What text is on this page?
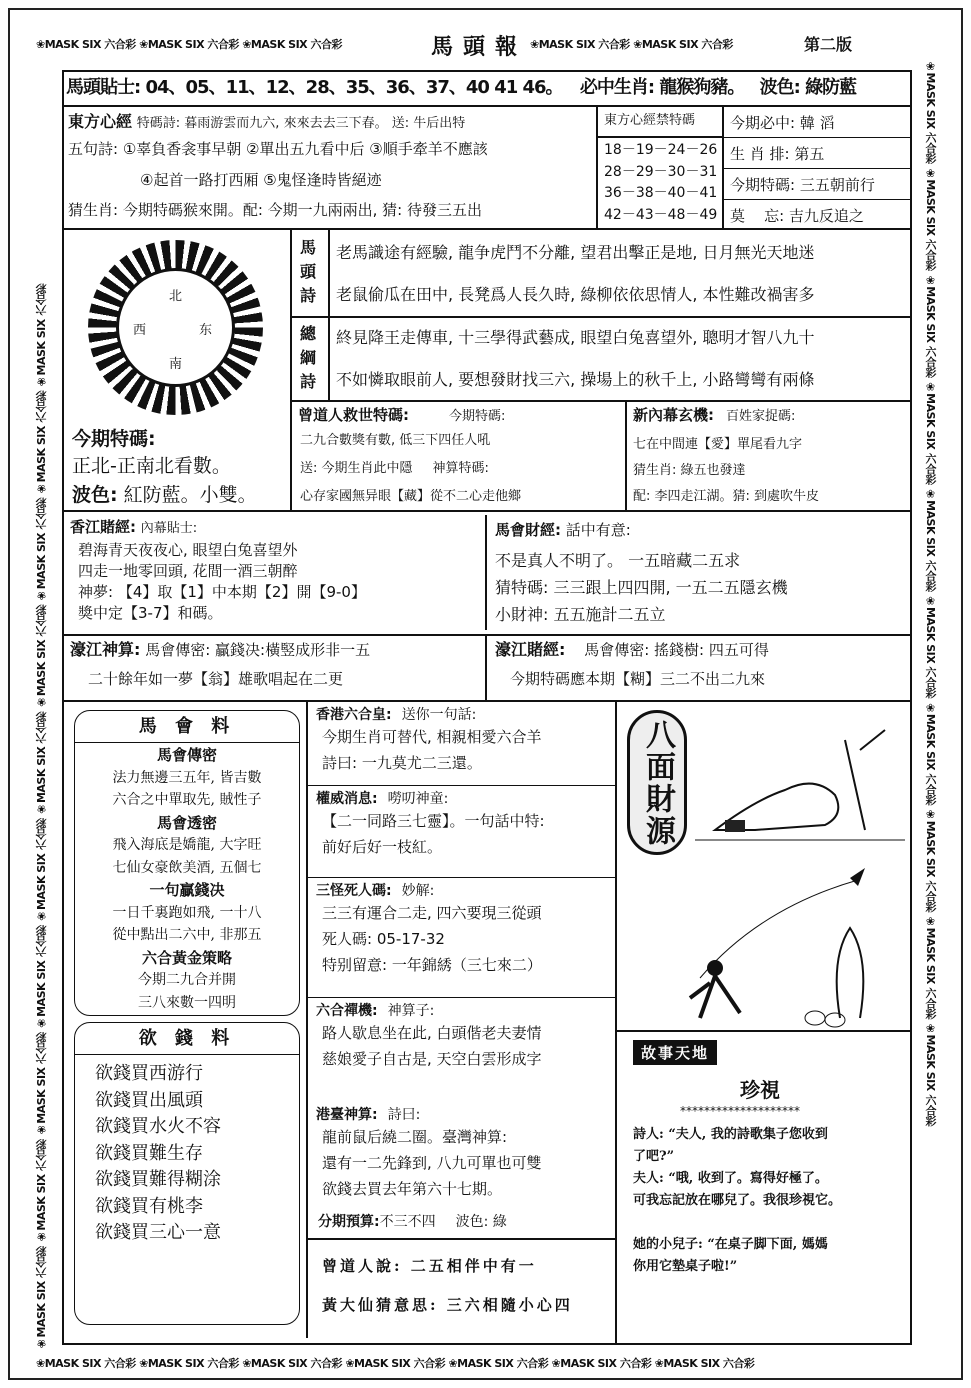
❀MASK SIX 六合彩 ❀MASK SIX 六合彩 ❀MASK SIX 六合彩	馬頭報 ❀MASK SIX 六合彩 ❀MASK SIX 六合彩	第二版
❀MASK SIX 六合彩 ❀MASK SIX 六合彩 ❀MASK SIX 六合彩 ❀MASK SIX 六合彩 ❀MASK SIX 六合彩 ❀MASK SIX 六合彩 ❀MASK SIX 六合彩
❀MASK SIX 六合彩 ❀MASK SIX 六合彩 ❀MASK SIX 六合彩 ❀MASK SIX 六合彩 ❀MASK SIX 六合彩 ❀MASK SIX 六合彩 ❀MASK SIX 六合彩 ❀MASK SIX 六合彩 ❀MASK SIX 六合彩 ❀MASK SIX 六合彩	❀MASK SIX 六合彩 ❀MASK SIX 六合彩 ❀MASK SIX 六合彩 ❀MASK SIX 六合彩 ❀MASK SIX 六合彩 ❀MASK SIX 六合彩 ❀MASK SIX 六合彩 ❀MASK SIX 六合彩 ❀MASK SIX 六合彩 ❀MASK SIX 六合彩
馬頭貼士: 04、05、11、12、28、35、36、37、40 41 46。 必中生肖: 龍猴狗豬。 波色: 綠防藍
東方心經 特碼詩: 暮雨游雲而九六, 來來去去三下春。 送: 牛后出特
五句詩: ①辜負香衾事早朝 ②單出五九看中后 ③順手牽羊不應該
④起首一路打西厢 ⑤鬼怪逢時皆絕迹
猜生肖: 今期特碼猴來開。配: 今期一九兩兩出, 猜: 待發三五出
東方心經禁特碼
18－19－24－26
28－29－30－31
36－38－40－41
42－43－48－49
今期必中: 韓 滔
生 肖 排: 第五
今期特碼: 三五朝前行
莫    忘: 吉九反追之
北
西	东
南
馬
頭
詩
老馬識途有經驗, 龍争虎鬥不分離, 望君出擊正是地, 日月無光天地迷
老鼠偷瓜在田中, 長凳爲人長久時, 綠柳依依思情人, 本性難改禍害多
總
綱
詩
終見降王走傳車, 十三學得武藝成, 眼望白兔喜望外, 聰明才智八九十
不如憐取眼前人, 要想發財找三六, 操場上的秋千上, 小路彎彎有兩條
今期特碼:
正北-正南北看數。
波色: 紅防藍。小雙。
曾道人救世特碼:	今期特碼:
二九合數獎有數, 低三下四任人吼
送: 今期生肖此中隱 神算特碼:
心存家國無异眼【藏】從不二心走他鄉
新內幕玄機: 百姓家捉碼:
七在中間連【愛】單尾看九字
猜生肖: 綠五也發達
配: 李四走江湖。猜: 到處吹牛皮
香江賭經: 內幕貼士:
碧海青天夜夜心, 眼望白兔喜望外
四走一地零回頭, 花間一酒三朝醉
神夢: 【4】取【1】中本期【2】開【9-0】
獎中定【3-7】和碼。
馬會財經: 話中有意:
不是真人不明了。 一五暗藏二五求
猜特碼: 三三跟上四四開, 一五二五隱玄機
小財神: 五五施計二五立
濠江神算: 馬會傳密: 贏錢决:橫竪成形非一五
二十餘年如一夢【翁】雄歌唱起在二更
濠江賭經: 馬會傳密: 搖錢樹: 四五可得
今期特碼應本期【糊】三二不出二九來
馬 會 料
馬會傳密
法力無邊三五年, 皆吉數
六合之中單取先, 賊性子
馬會透密
飛入海底是嬌龍, 大字旺
七仙女豪飲美酒, 五個七
一句贏錢决
一日千裏跑如飛, 一十八
從中點出二六中, 非那五
六合黃金策略
今期二九合并開
三八來數一四明
欲 錢 料
欲錢買西游行
欲錢買出風頭
欲錢買水火不容
欲錢買難生存
欲錢買難得糊涂
欲錢買有桃李
欲錢買三心一意
香港六合皇: 送你一句話:
今期生肖可替代, 相親相愛六合羊
詩曰: 一九莫尤二三還。
權威消息: 嘮叨神童:
【二一同路三七靈】。一句話中特:
前好后好一枝紅。
三怪死人碼: 妙解:
三三有運合二走, 四六要現三從頭
死人碼: 05-17-32
特别留意: 一年錦綉（三七來二）
六合禪機: 神算子:
路人歇息坐在此, 白頭偕老夫妻情
慈娘愛子自古是, 天空白雲形成字
港臺神算: 詩曰:
龍前鼠后繞二圈。臺灣神算:
還有一二先鋒到, 八九可單也可雙
欲錢去買去年第六十七期。
分期預算:不三不四 波色: 綠
曾道人說: 二五相伴中有一
黃大仙猜意思: 三六相隨小心四
八面財源
故事天地
珍視
********************
詩人: “夫人, 我的詩歌集子您收到
了吧?”
夫人: “哦, 收到了。寫得好極了。
可我忘記放在哪兒了。我很珍視它。
她的小兒子: “在桌子脚下面, 媽媽
你用它墊桌子啦!”
